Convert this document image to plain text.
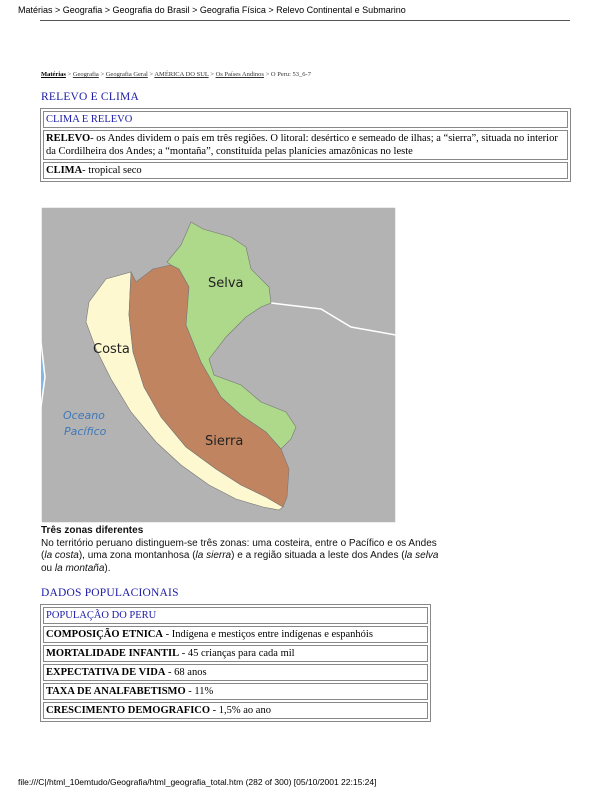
Matérias > Geografia > Geografia do Brasil > Geografia Física > Relevo Continental e Submarino
Matérias > Geografia > Geografia Geral > AMÉRICA DO SUL > Os Países Andinos > O Peru: 53_6-7
RELEVO E CLIMA
CLIMA E RELEVO
RELEVO- os Andes dividem o país em três regiões. O litoral: desértico e semeado de ilhas; a “sierra”, situada no interior da Cordilheira dos Andes; a “montaña”, constituída pelas planícies amazônicas no leste
CLIMA- tropical seco
Selva
Costa
Sierra
Oceano
Pacífico
Três zonas diferentes
No território peruano distinguem-se três zonas: uma costeira, entre o Pacífico e os Andes (la costa), uma zona montanhosa (la sierra) e a região situada a leste dos Andes (la selva ou la montaña).
DADOS POPULACIONAIS
POPULAÇÃO DO PERU
COMPOSIÇÃO ETNICA - Indígena e mestiços entre indígenas e espanhóis
MORTALIDADE INFANTIL - 45 crianças para cada mil
EXPECTATIVA DE VIDA - 68 anos
TAXA DE ANALFABETISMO - 11%
CRESCIMENTO DEMOGRAFICO - 1,5% ao ano
file:///C|/html_10emtudo/Geografia/html_geografia_total.htm (282 of 300) [05/10/2001 22:15:24]
